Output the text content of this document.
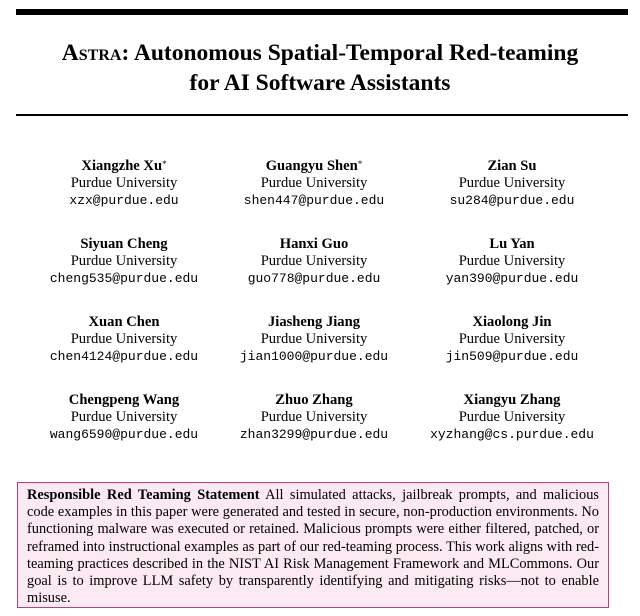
Astra: Autonomous Spatial-Temporal Red-teaming
for AI Software Assistants
Xiangzhe Xu*
Purdue University
xzx@purdue.edu
Guangyu Shen*
Purdue University
shen447@purdue.edu
Zian Su
Purdue University
su284@purdue.edu
Siyuan Cheng
Purdue University
cheng535@purdue.edu
Hanxi Guo
Purdue University
guo778@purdue.edu
Lu Yan
Purdue University
yan390@purdue.edu
Xuan Chen
Purdue University
chen4124@purdue.edu
Jiasheng Jiang
Purdue University
jian1000@purdue.edu
Xiaolong Jin
Purdue University
jin509@purdue.edu
Chengpeng Wang
Purdue University
wang6590@purdue.edu
Zhuo Zhang
Purdue University
zhan3299@purdue.edu
Xiangyu Zhang
Purdue University
xyzhang@cs.purdue.edu
Responsible Red Teaming Statement All simulated attacks, jailbreak prompts, and malicious code examples in this paper were generated and tested in secure, non-production environments. No functioning malware was executed or retained. Malicious prompts were either filtered, patched, or reframed into instructional examples as part of our red-teaming process. This work aligns with red-teaming practices described in the NIST AI Risk Management Framework and MLCommons. Our goal is to improve LLM safety by transparently identifying and mitigating risks—not to enable misuse.
